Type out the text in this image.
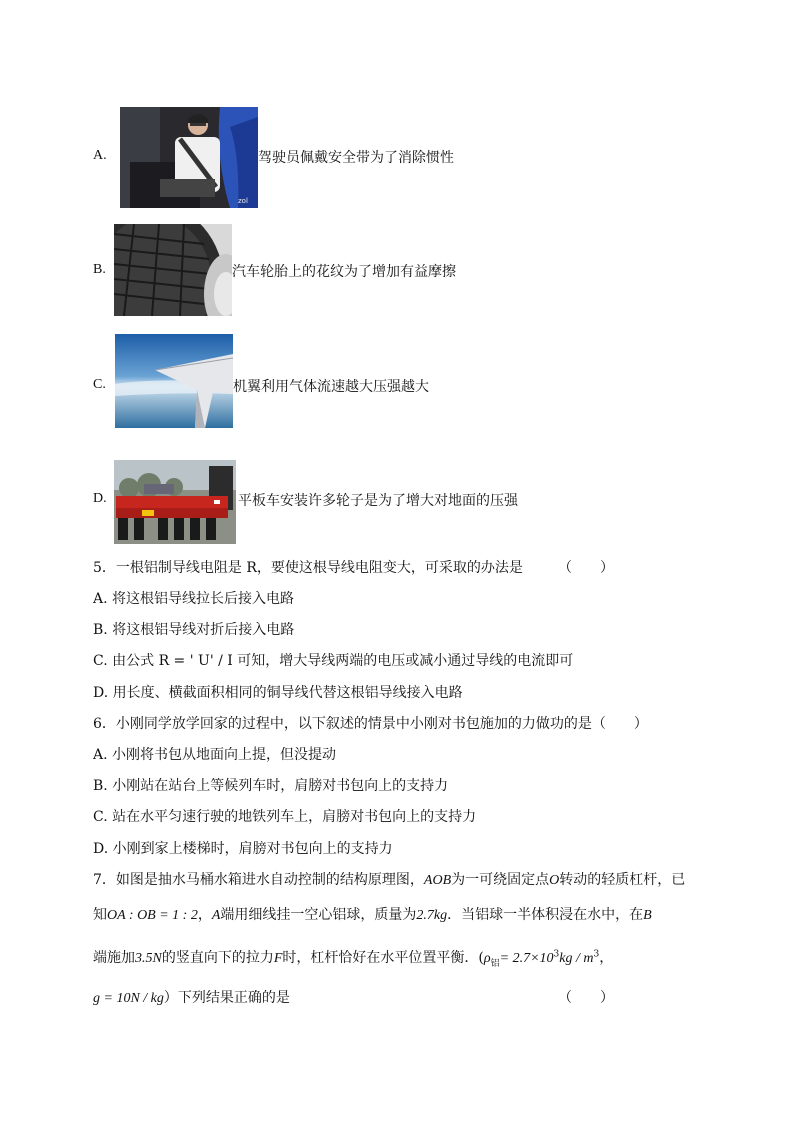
A.
zol
驾驶员佩戴安全带为了消除惯性
B.	汽车轮胎上的花纹为了增加有益摩擦
C.	机翼利用气体流速越大压强越大
D.	平板车安装许多轮子是为了增大对地面的压强
5．一根铝制导线电阻是 R，要使这根导线电阻变大，可采取的办法是	（　　）
A. 将这根铝导线拉长后接入电路
B. 将这根铝导线对折后接入电路
C. 由公式 R = ' U' / I 可知，增大导线两端的电压或减小通过导线的电流即可
D. 用长度、横截面积相同的铜导线代替这根铝导线接入电路
6．小刚同学放学回家的过程中，以下叙述的情景中小刚对书包施加的力做功的是（　　）
A. 小刚将书包从地面向上提，但没提动
B. 小刚站在站台上等候列车时，肩膀对书包向上的支持力
C. 站在水平匀速行驶的地铁列车上，肩膀对书包向上的支持力
D. 小刚到家上楼梯时，肩膀对书包向上的支持力
7．如图是抽水马桶水箱进水自动控制的结构原理图，AOB为一可绕固定点O转动的轻质杠杆，已
知OA : OB = 1 : 2，A端用细线挂一空心铝球，质量为2.7kg．当铝球一半体积浸在水中，在B
端施加3.5N的竖直向下的拉力F时，杠杆恰好在水平位置平衡．($\rho_铝= 2.7\times 10^3kg / m^3$，
g = 10N / kg）下列结果正确的是	（　　）
